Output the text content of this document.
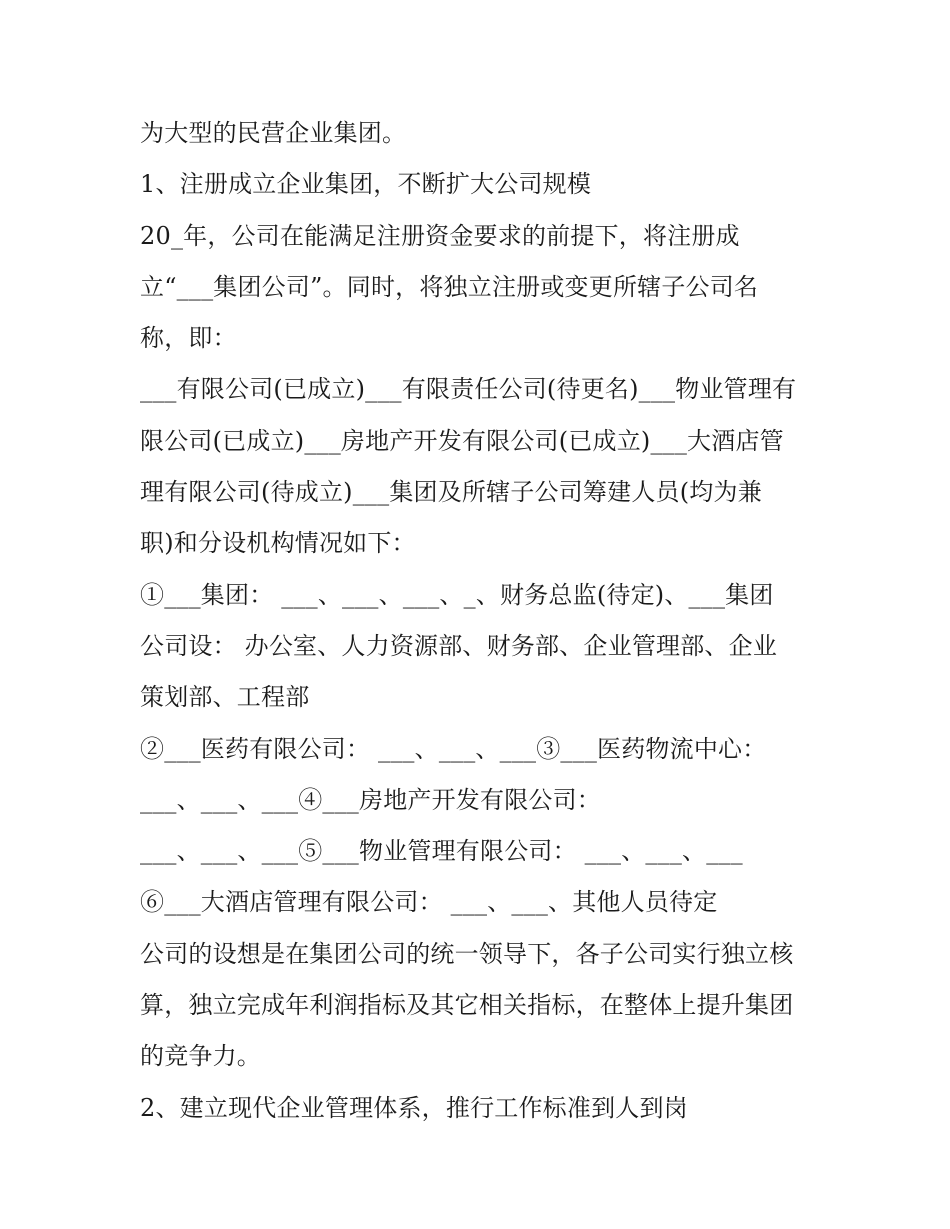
为大型的民营企业集团。
1、注册成立企业集团，不断扩大公司规模
20_年，公司在能满足注册资金要求的前提下，将注册成
立“___集团公司”。同时，将独立注册或变更所辖子公司名
称，即：
___有限公司(已成立)___有限责任公司(待更名)___物业管理有
限公司(已成立)___房地产开发有限公司(已成立)___大酒店管
理有限公司(待成立)___集团及所辖子公司筹建人员(均为兼
职)和分设机构情况如下：
①___集团： ___、___、___、_、财务总监(待定)、___集团
公司设： 办公室、人力资源部、财务部、企业管理部、企业
策划部、工程部
②___医药有限公司： ___、___、___③___医药物流中心：
___、___、___④___房地产开发有限公司：
___、___、___⑤___物业管理有限公司： ___、___、___
⑥___大酒店管理有限公司： ___、___、其他人员待定
公司的设想是在集团公司的统一领导下，各子公司实行独立核
算，独立完成年利润指标及其它相关指标，在整体上提升集团
的竞争力。
2、建立现代企业管理体系，推行工作标准到人到岗
